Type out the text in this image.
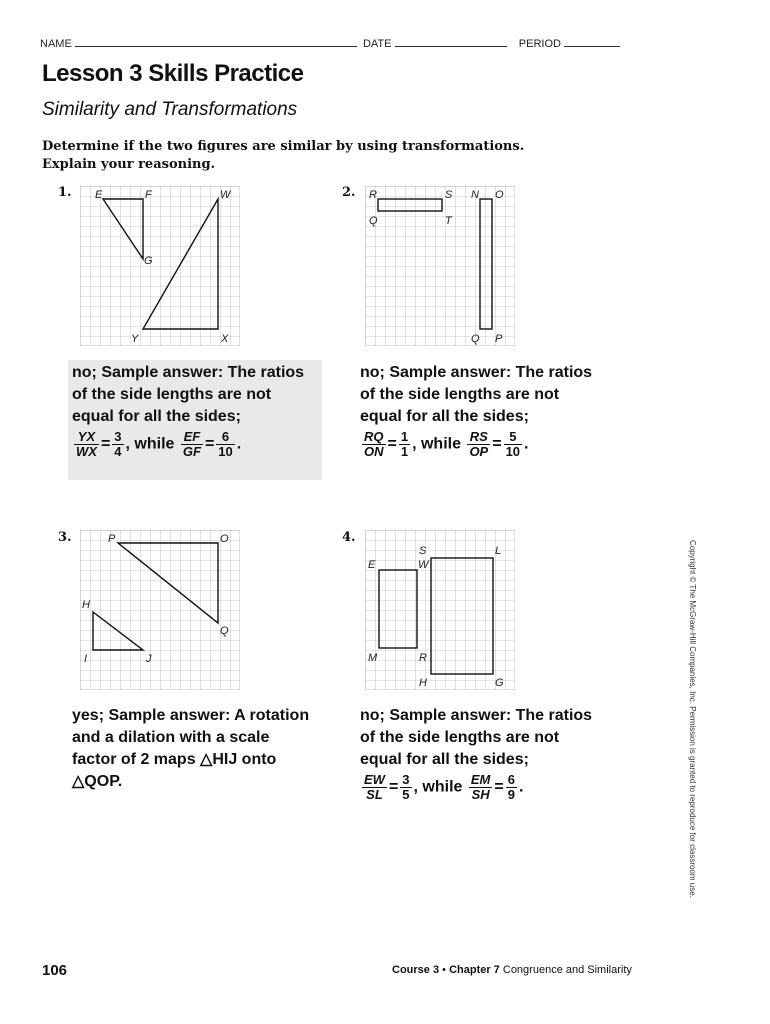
NAME	DATE	PERIOD
Lesson 3 Skills Practice
Similarity and Transformations
Determine if the two figures are similar by using transformations.
Explain your reasoning.
1. E	F	W
G
Y	X
no; Sample answer: The ratios
of the side lengths are not
equal for all the sides;
$\frac{YX}{WX} = \frac{3}{4}$ , while $\frac{EF}{GF} = \frac{6}{10}$ .
2. R	S N O
Q	T
Q P
no; Sample answer: The ratios
of the side lengths are not
equal for all the sides;
$\frac{RQ}{ON} = \frac{1}{1}$ , while $\frac{RS}{OP} = \frac{5}{10}$ .
3.	P	O
H
Q
I	J
yes; Sample answer: A rotation
and a dilation with a scale
factor of 2 maps △HIJ onto
△QOP.
4.
S	L
E	W
M	R
H	G
no; Sample answer: The ratios
of the side lengths are not
equal for all the sides;
$\frac{EW}{SL} = \frac{3}{5}$ , while $\frac{EM}{SH} = \frac{6}{9}$ .	Copyright © The McGraw-Hill Companies, Inc. Permission is granted to reproduce for classroom use.
106	Course 3 • Chapter 7 Congruence and Similarity
